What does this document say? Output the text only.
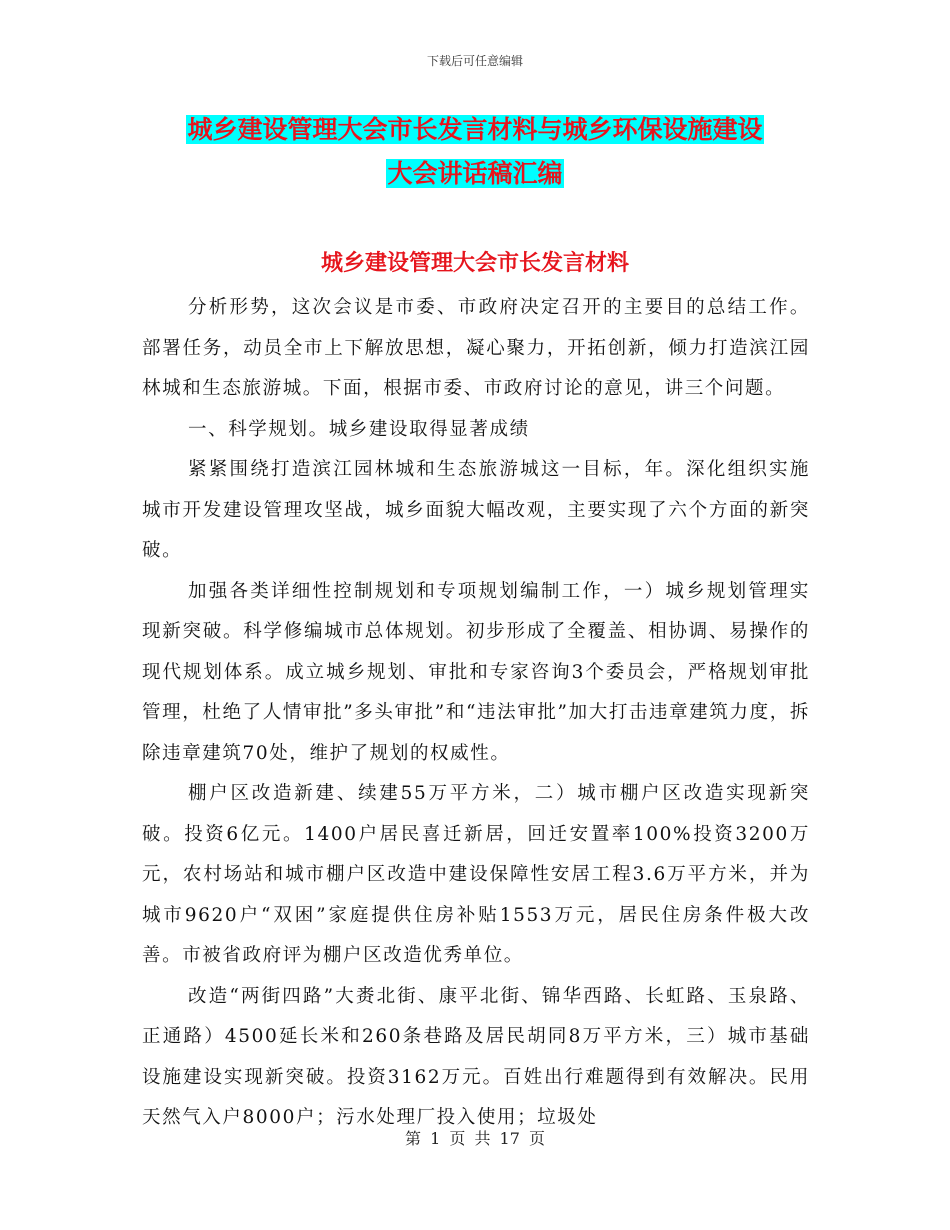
下载后可任意编辑
城乡建设管理大会市长发言材料与城乡环保设施建设
大会讲话稿汇编
城乡建设管理大会市长发言材料

分析形势，这次会议是市委、市政府决定召开的主要目的总结工作。部署任务，动员全市上下解放思想，凝心聚力，开拓创新，倾力打造滨江园林城和生态旅游城。下面，根据市委、市政府讨论的意见，讲三个问题。

一、科学规划。城乡建设取得显著成绩

紧紧围绕打造滨江园林城和生态旅游城这一目标，年。深化组织实施城市开发建设管理攻坚战，城乡面貌大幅改观，主要实现了六个方面的新突破。

加强各类详细性控制规划和专项规划编制工作，一）城乡规划管理实现新突破。科学修编城市总体规划。初步形成了全覆盖、相协调、易操作的现代规划体系。成立城乡规划、审批和专家咨询3个委员会，严格规划审批管理，杜绝了人情审批”多头审批”和“违法审批”加大打击违章建筑力度，拆除违章建筑70处，维护了规划的权威性。

棚户区改造新建、续建55万平方米，二）城市棚户区改造实现新突破。投资6亿元。1400户居民喜迁新居，回迁安置率100%投资3200万元，农村场站和城市棚户区改造中建设保障性安居工程3.6万平方米，并为城市9620户“双困”家庭提供住房补贴1553万元，居民住房条件极大改善。市被省政府评为棚户区改造优秀单位。

改造“两街四路”大赉北街、康平北街、锦华西路、长虹路、玉泉路、正通路）4500延长米和260条巷路及居民胡同8万平方米，三）城市基础设施建设实现新突破。投资3162万元。百姓出行难题得到有效解决。民用天然气入户8000户；污水处理厂投入使用；垃圾处

第 1 页 共 17 页
